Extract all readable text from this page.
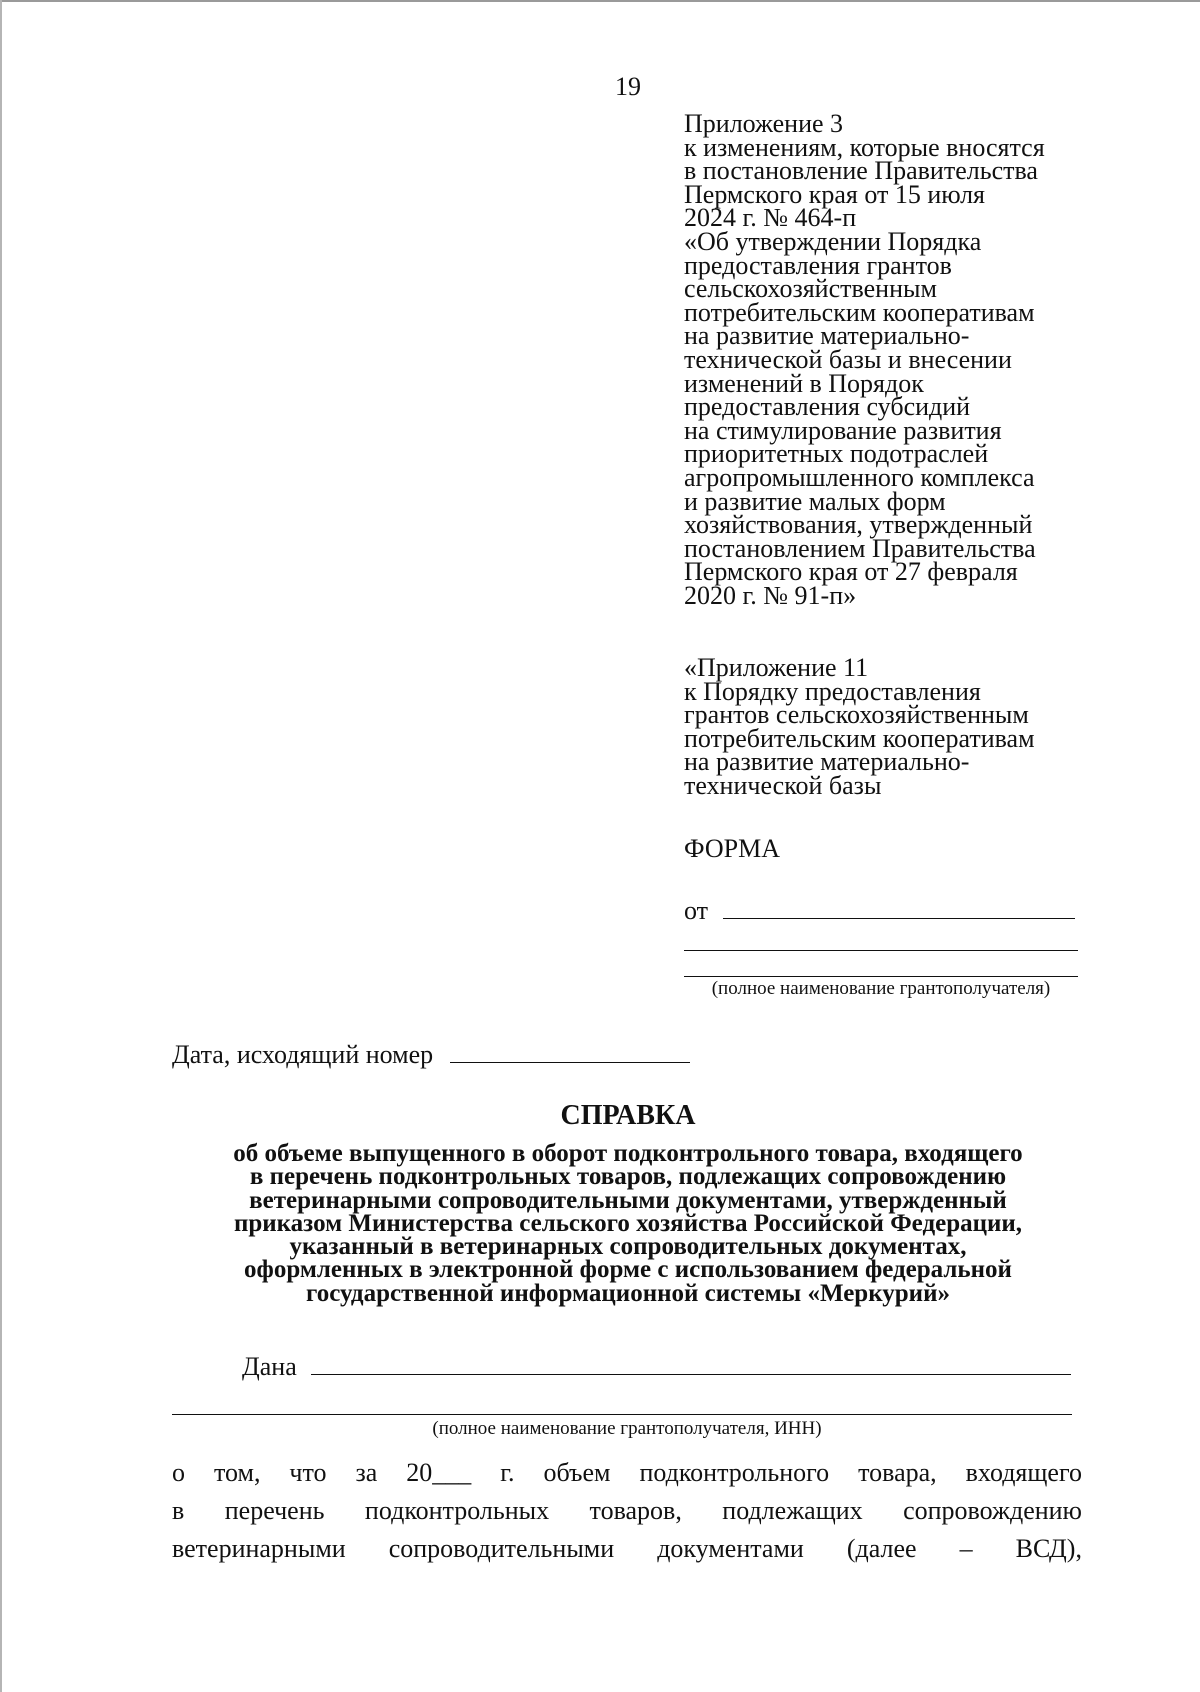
19
Приложение 3
к изменениям, которые вносятся
в постановление Правительства
Пермского края от 15 июля
2024 г. № 464-п
«Об утверждении Порядка
предоставления грантов
сельскохозяйственным
потребительским кооперативам
на развитие материально-
технической базы и внесении
изменений в Порядок
предоставления субсидий
на стимулирование развития
приоритетных подотраслей
агропромышленного комплекса
и развитие малых форм
хозяйствования, утвержденный
постановлением Правительства
Пермского края от 27 февраля
2020 г. № 91-п»
«Приложение 11
к Порядку предоставления
грантов сельскохозяйственным
потребительским кооперативам
на развитие материально-
технической базы
ФОРМА
от
(полное наименование грантополучателя)
Дата, исходящий номер
СПРАВКА
об объеме выпущенного в оборот подконтрольного товара, входящего
в перечень подконтрольных товаров, подлежащих сопровождению
ветеринарными сопроводительными документами, утвержденный
приказом Министерства сельского хозяйства Российской Федерации,
указанный в ветеринарных сопроводительных документах,
оформленных в электронной форме с использованием федеральной
государственной информационной системы «Меркурий»
Дана
(полное наименование грантополучателя, ИНН)
о том, что за 20___ г. объем подконтрольного товара, входящего
в перечень подконтрольных товаров, подлежащих сопровождению
ветеринарными сопроводительными документами (далее – ВСД),
